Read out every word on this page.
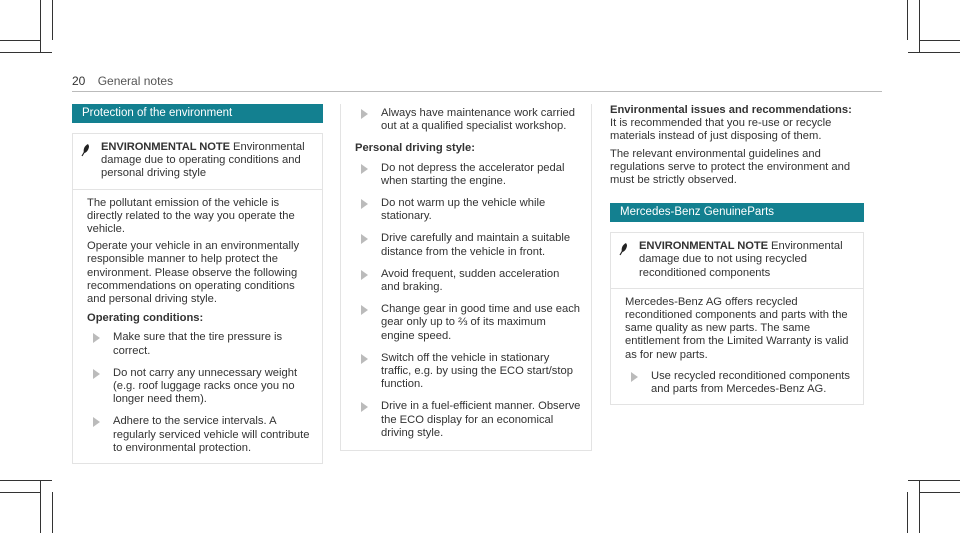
20 General notes
Protection of the environment
ENVIRONMENTAL NOTE Environmental damage due to operating conditions and personal driving style

The pollutant emission of the vehicle is directly related to the way you operate the vehicle.

Operate your vehicle in an environmentally responsible manner to help protect the environment. Please observe the following recommendations on operating conditions and personal driving style.

Operating conditions:
Make sure that the tire pressure is correct.
Do not carry any unnecessary weight (e.g. roof luggage racks once you no longer need them).
Adhere to the service intervals. A regularly serviced vehicle will contribute to environmental protection.
Always have maintenance work carried out at a qualified specialist workshop.
Personal driving style:
Do not depress the accelerator pedal when starting the engine.
Do not warm up the vehicle while stationary.
Drive carefully and maintain a suitable distance from the vehicle in front.
Avoid frequent, sudden acceleration and braking.
Change gear in good time and use each gear only up to ⅔ of its maximum engine speed.
Switch off the vehicle in stationary traffic, e.g. by using the ECO start/stop function.
Drive in a fuel-efficient manner. Observe the ECO display for an economical driving style.
Environmental issues and recommendations:

It is recommended that you re-use or recycle materials instead of just disposing of them.

The relevant environmental guidelines and regulations serve to protect the environment and must be strictly observed.

Mercedes-Benz GenuineParts
ENVIRONMENTAL NOTE Environmental damage due to not using recycled reconditioned components

Mercedes-Benz AG offers recycled reconditioned components and parts with the same quality as new parts. The same entitlement from the Limited Warranty is valid as for new parts.

Use recycled reconditioned components and parts from Mercedes-Benz AG.
